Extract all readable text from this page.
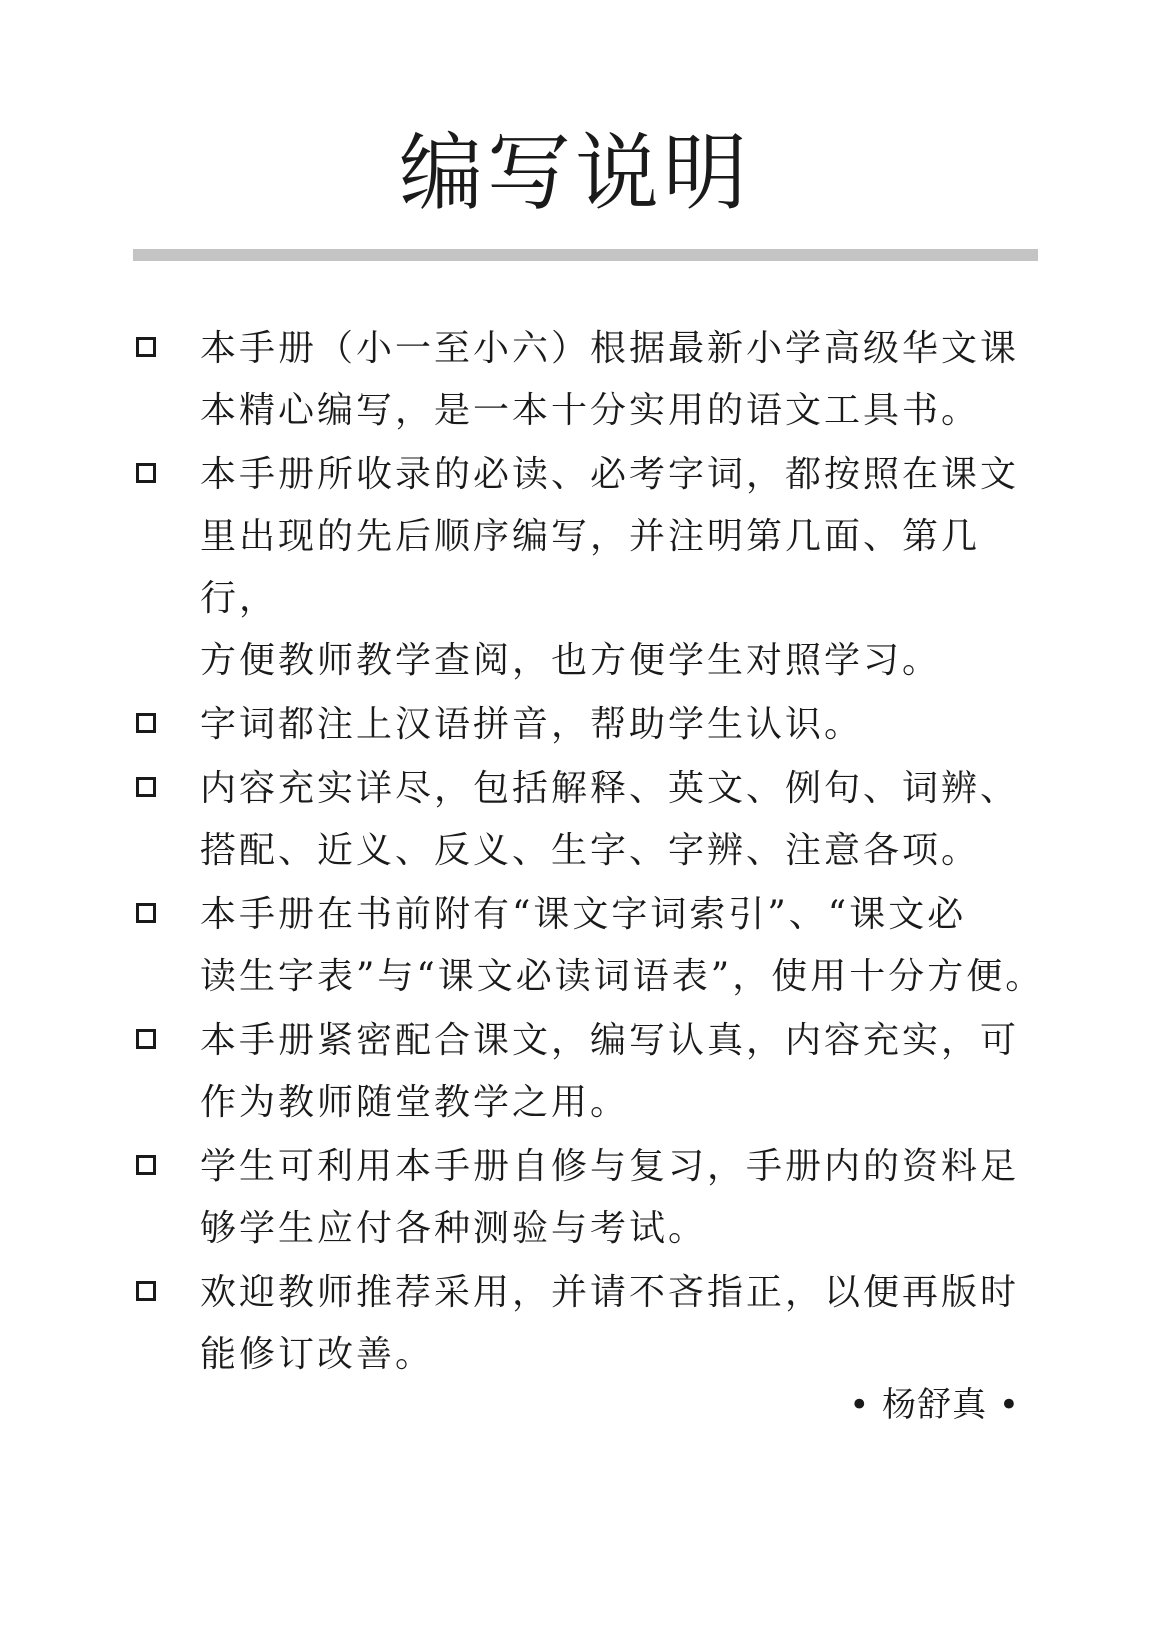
编写说明
本手册（小一至小六）根据最新小学高级华文课
本精心编写，是一本十分实用的语文工具书。
本手册所收录的必读、必考字词，都按照在课文
里出现的先后顺序编写，并注明第几面、第几行，
方便教师教学查阅，也方便学生对照学习。
字词都注上汉语拼音，帮助学生认识。
内容充实详尽，包括解释、英文、例句、词辨、
搭配、近义、反义、生字、字辨、注意各项。
本手册在书前附有“课文字词索引”、“课文必
读生字表”与“课文必读词语表”，使用十分方便。
本手册紧密配合课文，编写认真，内容充实，可
作为教师随堂教学之用。
学生可利用本手册自修与复习，手册内的资料足
够学生应付各种测验与考试。
欢迎教师推荐采用，并请不吝指正，以便再版时
能修订改善。
• 杨舒真 •
